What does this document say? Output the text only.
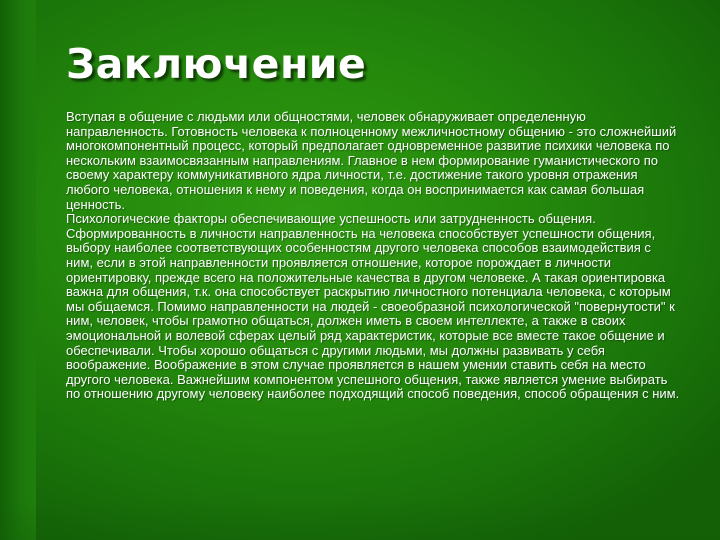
Заключение

Вступая в общение с людьми или общностями, человек обнаруживает определенную направленность. Готовность человека к полноценному межличностному общению - это сложнейший многокомпонентный процесс, который предполагает одновременное развитие психики человека по нескольким взаимосвязанным направлениям. Главное в нем формирование гуманистического по своему характеру коммуникативного ядра личности, т.е. достижение такого уровня отражения любого человека, отношения к нему и поведения, когда он воспринимается как самая большая ценность.

Психологические факторы обеспечивающие успешность или затрудненность общения. Сформированность в личности направленность на человека способствует успешности общения, выбору наиболее соответствующих особенностям другого человека способов взаимодействия с ним, если в этой направленности проявляется отношение, которое порождает в личности ориентировку, прежде всего на положительные качества в другом человеке. А такая ориентировка важна для общения, т.к. она способствует раскрытию личностного потенциала человека, с которым мы общаемся. Помимо направленности на людей - своеобразной психологической "повернутости" к ним, человек, чтобы грамотно общаться, должен иметь в своем интеллекте, а также в своих эмоциональной и волевой сферах целый ряд характеристик, которые все вместе такое общение и обеспечивали. Чтобы хорошо общаться с другими людьми, мы должны развивать у себя воображение. Воображение в этом случае проявляется в нашем умении ставить себя на место другого человека. Важнейшим компонентом успешного общения, также является умение выбирать по отношению другому человеку наиболее подходящий способ поведения, способ обращения с ним.
